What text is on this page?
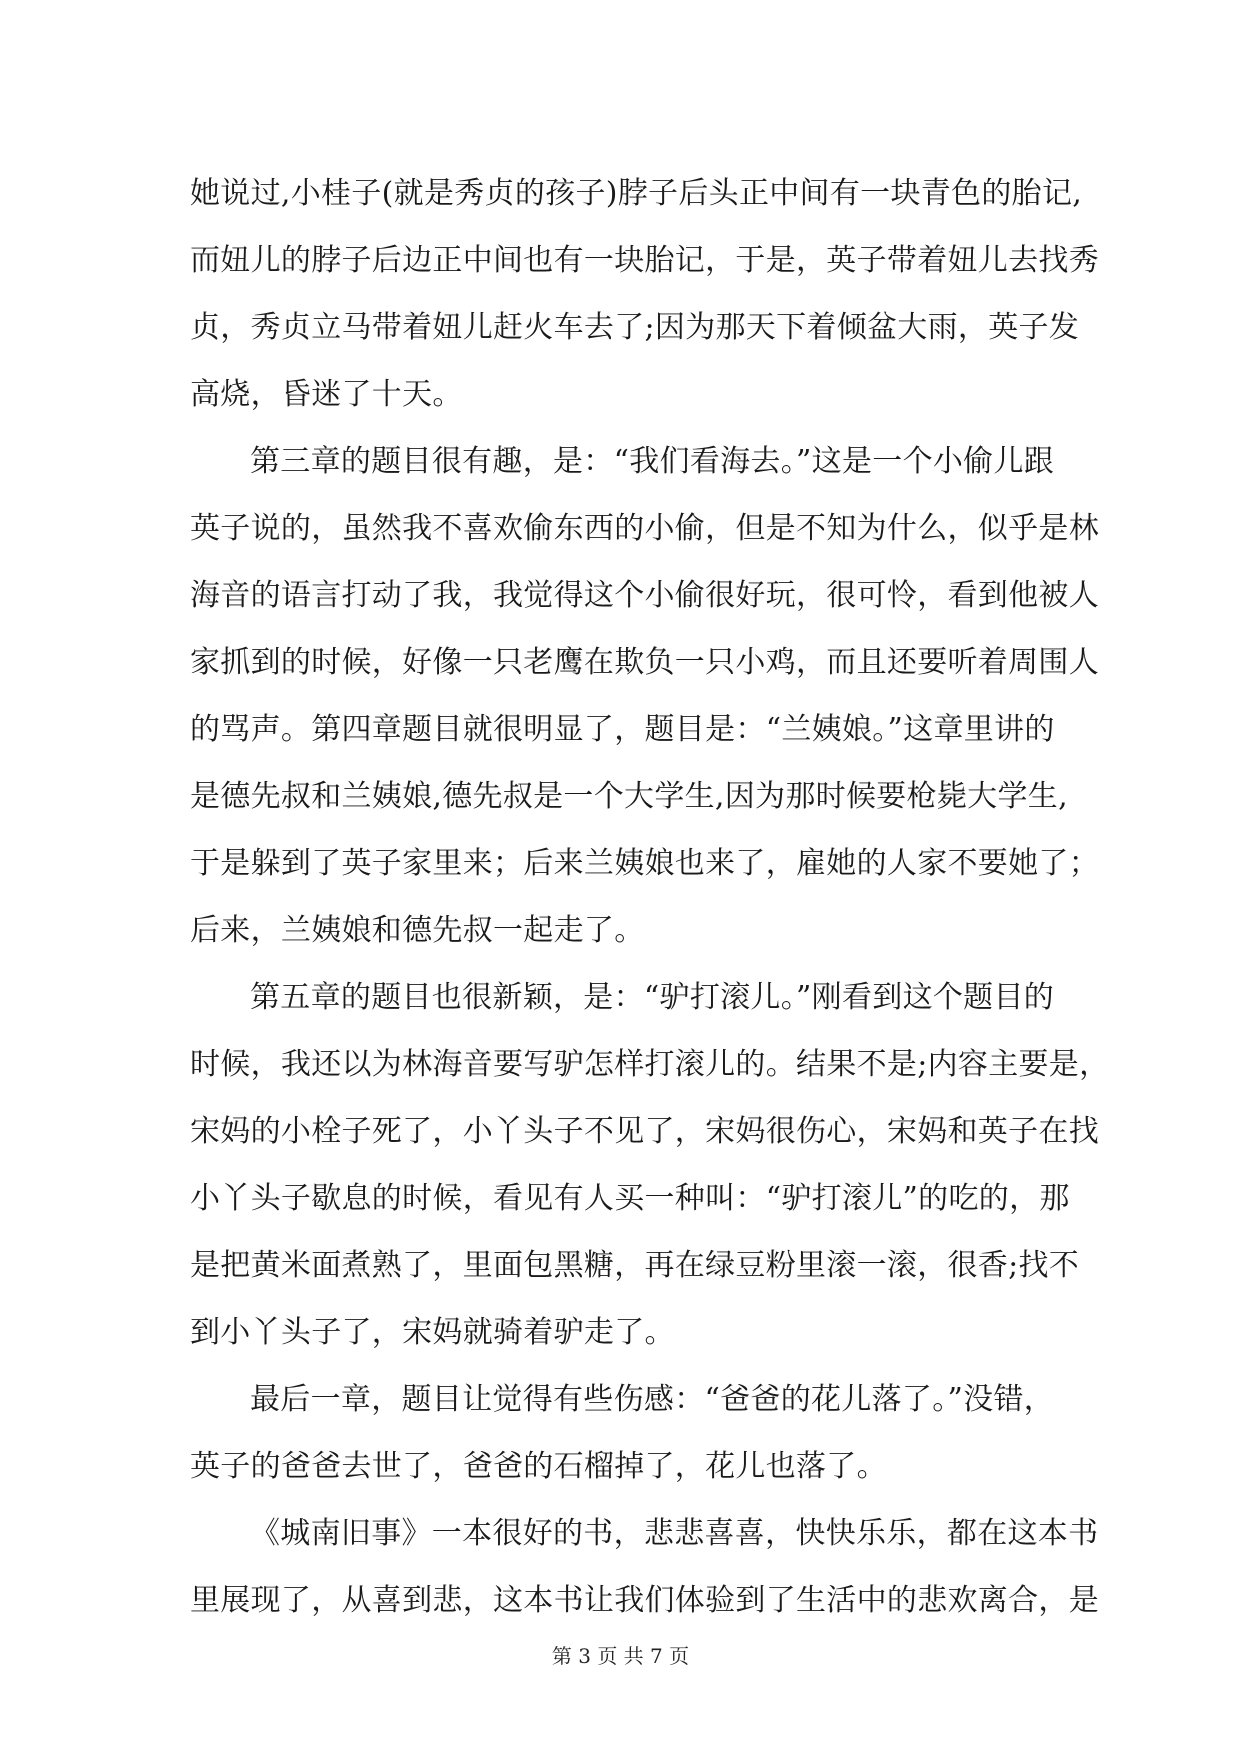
她说过,小桂子(就是秀贞的孩子)脖子后头正中间有一块青色的胎记,
而妞儿的脖子后边正中间也有一块胎记，于是，英子带着妞儿去找秀
贞，秀贞立马带着妞儿赶火车去了;因为那天下着倾盆大雨，英子发
高烧，昏迷了十天。
第三章的题目很有趣，是：“我们看海去。”这是一个小偷儿跟
英子说的，虽然我不喜欢偷东西的小偷，但是不知为什么，似乎是林
海音的语言打动了我，我觉得这个小偷很好玩，很可怜，看到他被人
家抓到的时候，好像一只老鹰在欺负一只小鸡，而且还要听着周围人
的骂声。第四章题目就很明显了，题目是：“兰姨娘。”这章里讲的
是德先叔和兰姨娘,德先叔是一个大学生,因为那时候要枪毙大学生,
于是躲到了英子家里来；后来兰姨娘也来了，雇她的人家不要她了；
后来，兰姨娘和德先叔一起走了。
第五章的题目也很新颖，是：“驴打滚儿。”刚看到这个题目的
时候，我还以为林海音要写驴怎样打滚儿的。结果不是;内容主要是，
宋妈的小栓子死了，小丫头子不见了，宋妈很伤心，宋妈和英子在找
小丫头子歇息的时候，看见有人买一种叫：“驴打滚儿”的吃的，那
是把黄米面煮熟了，里面包黑糖，再在绿豆粉里滚一滚，很香;找不
到小丫头子了，宋妈就骑着驴走了。
最后一章，题目让觉得有些伤感：“爸爸的花儿落了。”没错，
英子的爸爸去世了，爸爸的石榴掉了，花儿也落了。
《城南旧事》一本很好的书，悲悲喜喜，快快乐乐，都在这本书
里展现了，从喜到悲，这本书让我们体验到了生活中的悲欢离合，是
第 3 页 共 7 页
